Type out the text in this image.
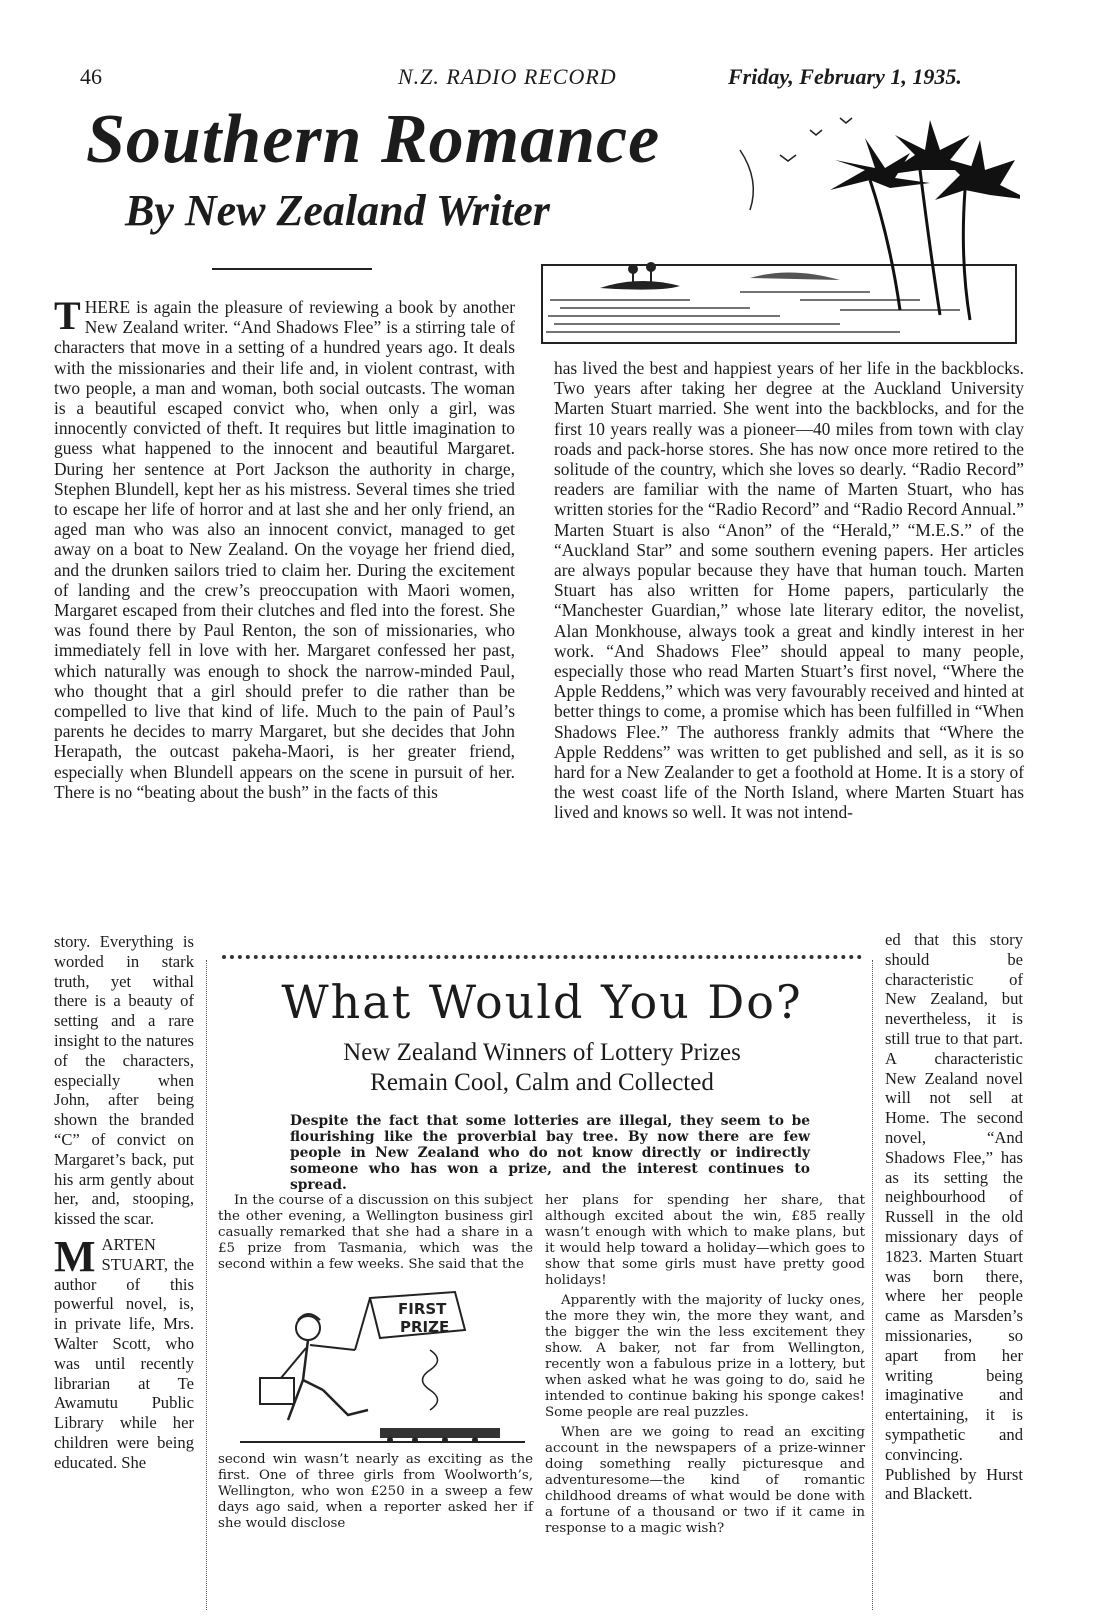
46	N.Z. RADIO RECORD	Friday, February 1, 1935.
Southern Romance
By New Zealand Writer

THERE is again the pleasure of reviewing a book by another New Zealand writer. “And Shadows Flee” is a stirring tale of characters that move in a setting of a hundred years ago. It deals with the missionaries and their life and, in violent contrast, with two people, a man and woman, both social outcasts. The woman is a beautiful escaped convict who, when only a girl, was innocently convicted of theft. It requires but little imagination to guess what happened to the innocent and beautiful Margaret. During her sentence at Port Jackson the authority in charge, Stephen Blundell, kept her as his mistress. Several times she tried to escape her life of horror and at last she and her only friend, an aged man who was also an innocent convict, managed to get away on a boat to New Zealand. On the voyage her friend died, and the drunken sailors tried to claim her. During the excitement of landing and the crew’s preoccupation with Maori women, Margaret escaped from their clutches and fled into the forest. She was found there by Paul Renton, the son of missionaries, who immediately fell in love with her. Margaret confessed her past, which naturally was enough to shock the narrow-minded Paul, who thought that a girl should prefer to die rather than be compelled to live that kind of life. Much to the pain of Paul’s parents he decides to marry Margaret, but she decides that John Herapath, the outcast pakeha-Maori, is her greater friend, especially when Blundell appears on the scene in pursuit of her. There is no “beating about the bush” in the facts of this

story. Everything is worded in stark truth, yet withal there is a beauty of setting and a rare insight to the natures of the characters, especially when John, after being shown the branded “C” of convict on Margaret’s back, put his arm gently about her, and, stooping, kissed the scar.

MARTEN STUART, the author of this powerful novel, is, in private life, Mrs. Walter Scott, who was until recently librarian at Te Awamutu Public Library while her children were being educated. She

has lived the best and happiest years of her life in the backblocks. Two years after taking her degree at the Auckland University Marten Stuart married. She went into the backblocks, and for the first 10 years really was a pioneer—40 miles from town with clay roads and pack-horse stores. She has now once more retired to the solitude of the country, which she loves so dearly. “Radio Record” readers are familiar with the name of Marten Stuart, who has written stories for the “Radio Record” and “Radio Record Annual.” Marten Stuart is also “Anon” of the “Herald,” “M.E.S.” of the “Auckland Star” and some southern evening papers. Her articles are always popular because they have that human touch. Marten Stuart has also written for Home papers, particularly the “Manchester Guardian,” whose late literary editor, the novelist, Alan Monkhouse, always took a great and kindly interest in her work. “And Shadows Flee” should appeal to many people, especially those who read Marten Stuart’s first novel, “Where the Apple Reddens,” which was very favourably received and hinted at better things to come, a promise which has been fulfilled in “When Shadows Flee.” The authoress frankly admits that “Where the Apple Reddens” was written to get published and sell, as it is so hard for a New Zealander to get a foothold at Home. It is a story of the west coast life of the North Island, where Marten Stuart has lived and knows so well. It was not intend-

ed that this story should be characteristic of New Zealand, but nevertheless, it is still true to that part. A characteristic New Zealand novel will not sell at Home. The second novel, “And Shadows Flee,” has as its setting the neighbourhood of Russell in the old missionary days of 1823. Marten Stuart was born there, where her people came as Marsden’s missionaries, so apart from her writing being imaginative and entertaining, it is sympathetic and convincing. Published by Hurst and Blackett.

What Would You Do?
New Zealand Winners of Lottery Prizes
Remain Cool, Calm and Collected
Despite the fact that some lotteries are illegal, they seem to be flourishing like the proverbial bay tree. By now there are few people in New Zealand who do not know directly or indirectly someone who has won a prize, and the interest continues to spread.

In the course of a discussion on this subject the other evening, a Wellington business girl casually remarked that she had a share in a £5 prize from Tasmania, which was the second within a few weeks. She said that the

FIRST
PRIZE

second win wasn’t nearly as exciting as the first. One of three girls from Woolworth’s, Wellington, who won £250 in a sweep a few days ago said, when a reporter asked her if she would disclose

her plans for spending her share, that although excited about the win, £85 really wasn’t enough with which to make plans, but it would help toward a holiday—which goes to show that some girls must have pretty good holidays!

Apparently with the majority of lucky ones, the more they win, the more they want, and the bigger the win the less excitement they show. A baker, not far from Wellington, recently won a fabulous prize in a lottery, but when asked what he was going to do, said he intended to continue baking his sponge cakes! Some people are real puzzles.

When are we going to read an exciting account in the newspapers of a prize-winner doing something really picturesque and adventuresome—the kind of romantic childhood dreams of what would be done with a fortune of a thousand or two if it came in response to a magic wish?
